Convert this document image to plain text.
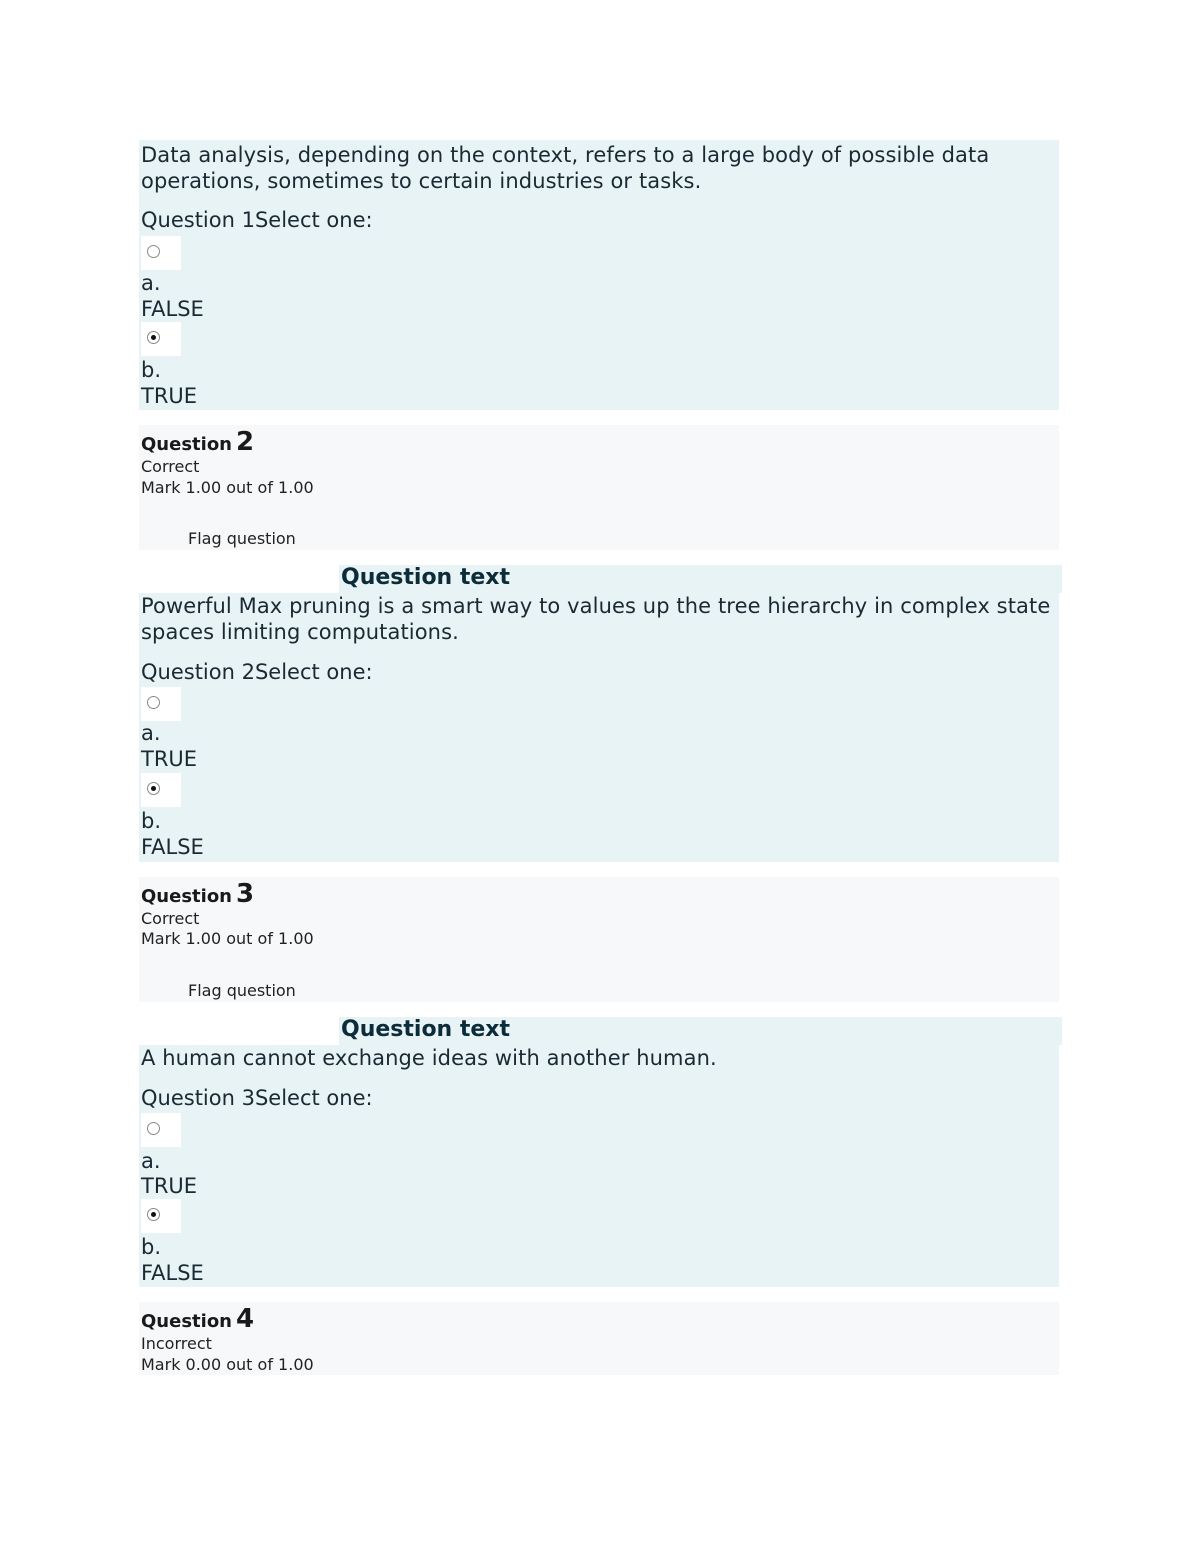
Data analysis, depending on the context, refers to a large body of possible data operations, sometimes to certain industries or tasks.
Question 1Select one:
a.
FALSE
b.
TRUE
Question 2
Correct
Mark 1.00 out of 1.00
Flag question
Question text
Powerful Max pruning is a smart way to values up the tree hierarchy in complex state spaces limiting computations.
Question 2Select one:
a.
TRUE
b.
FALSE
Question 3
Correct
Mark 1.00 out of 1.00
Flag question
Question text
A human cannot exchange ideas with another human.
Question 3Select one:
a.
TRUE
b.
FALSE
Question 4
Incorrect
Mark 0.00 out of 1.00
